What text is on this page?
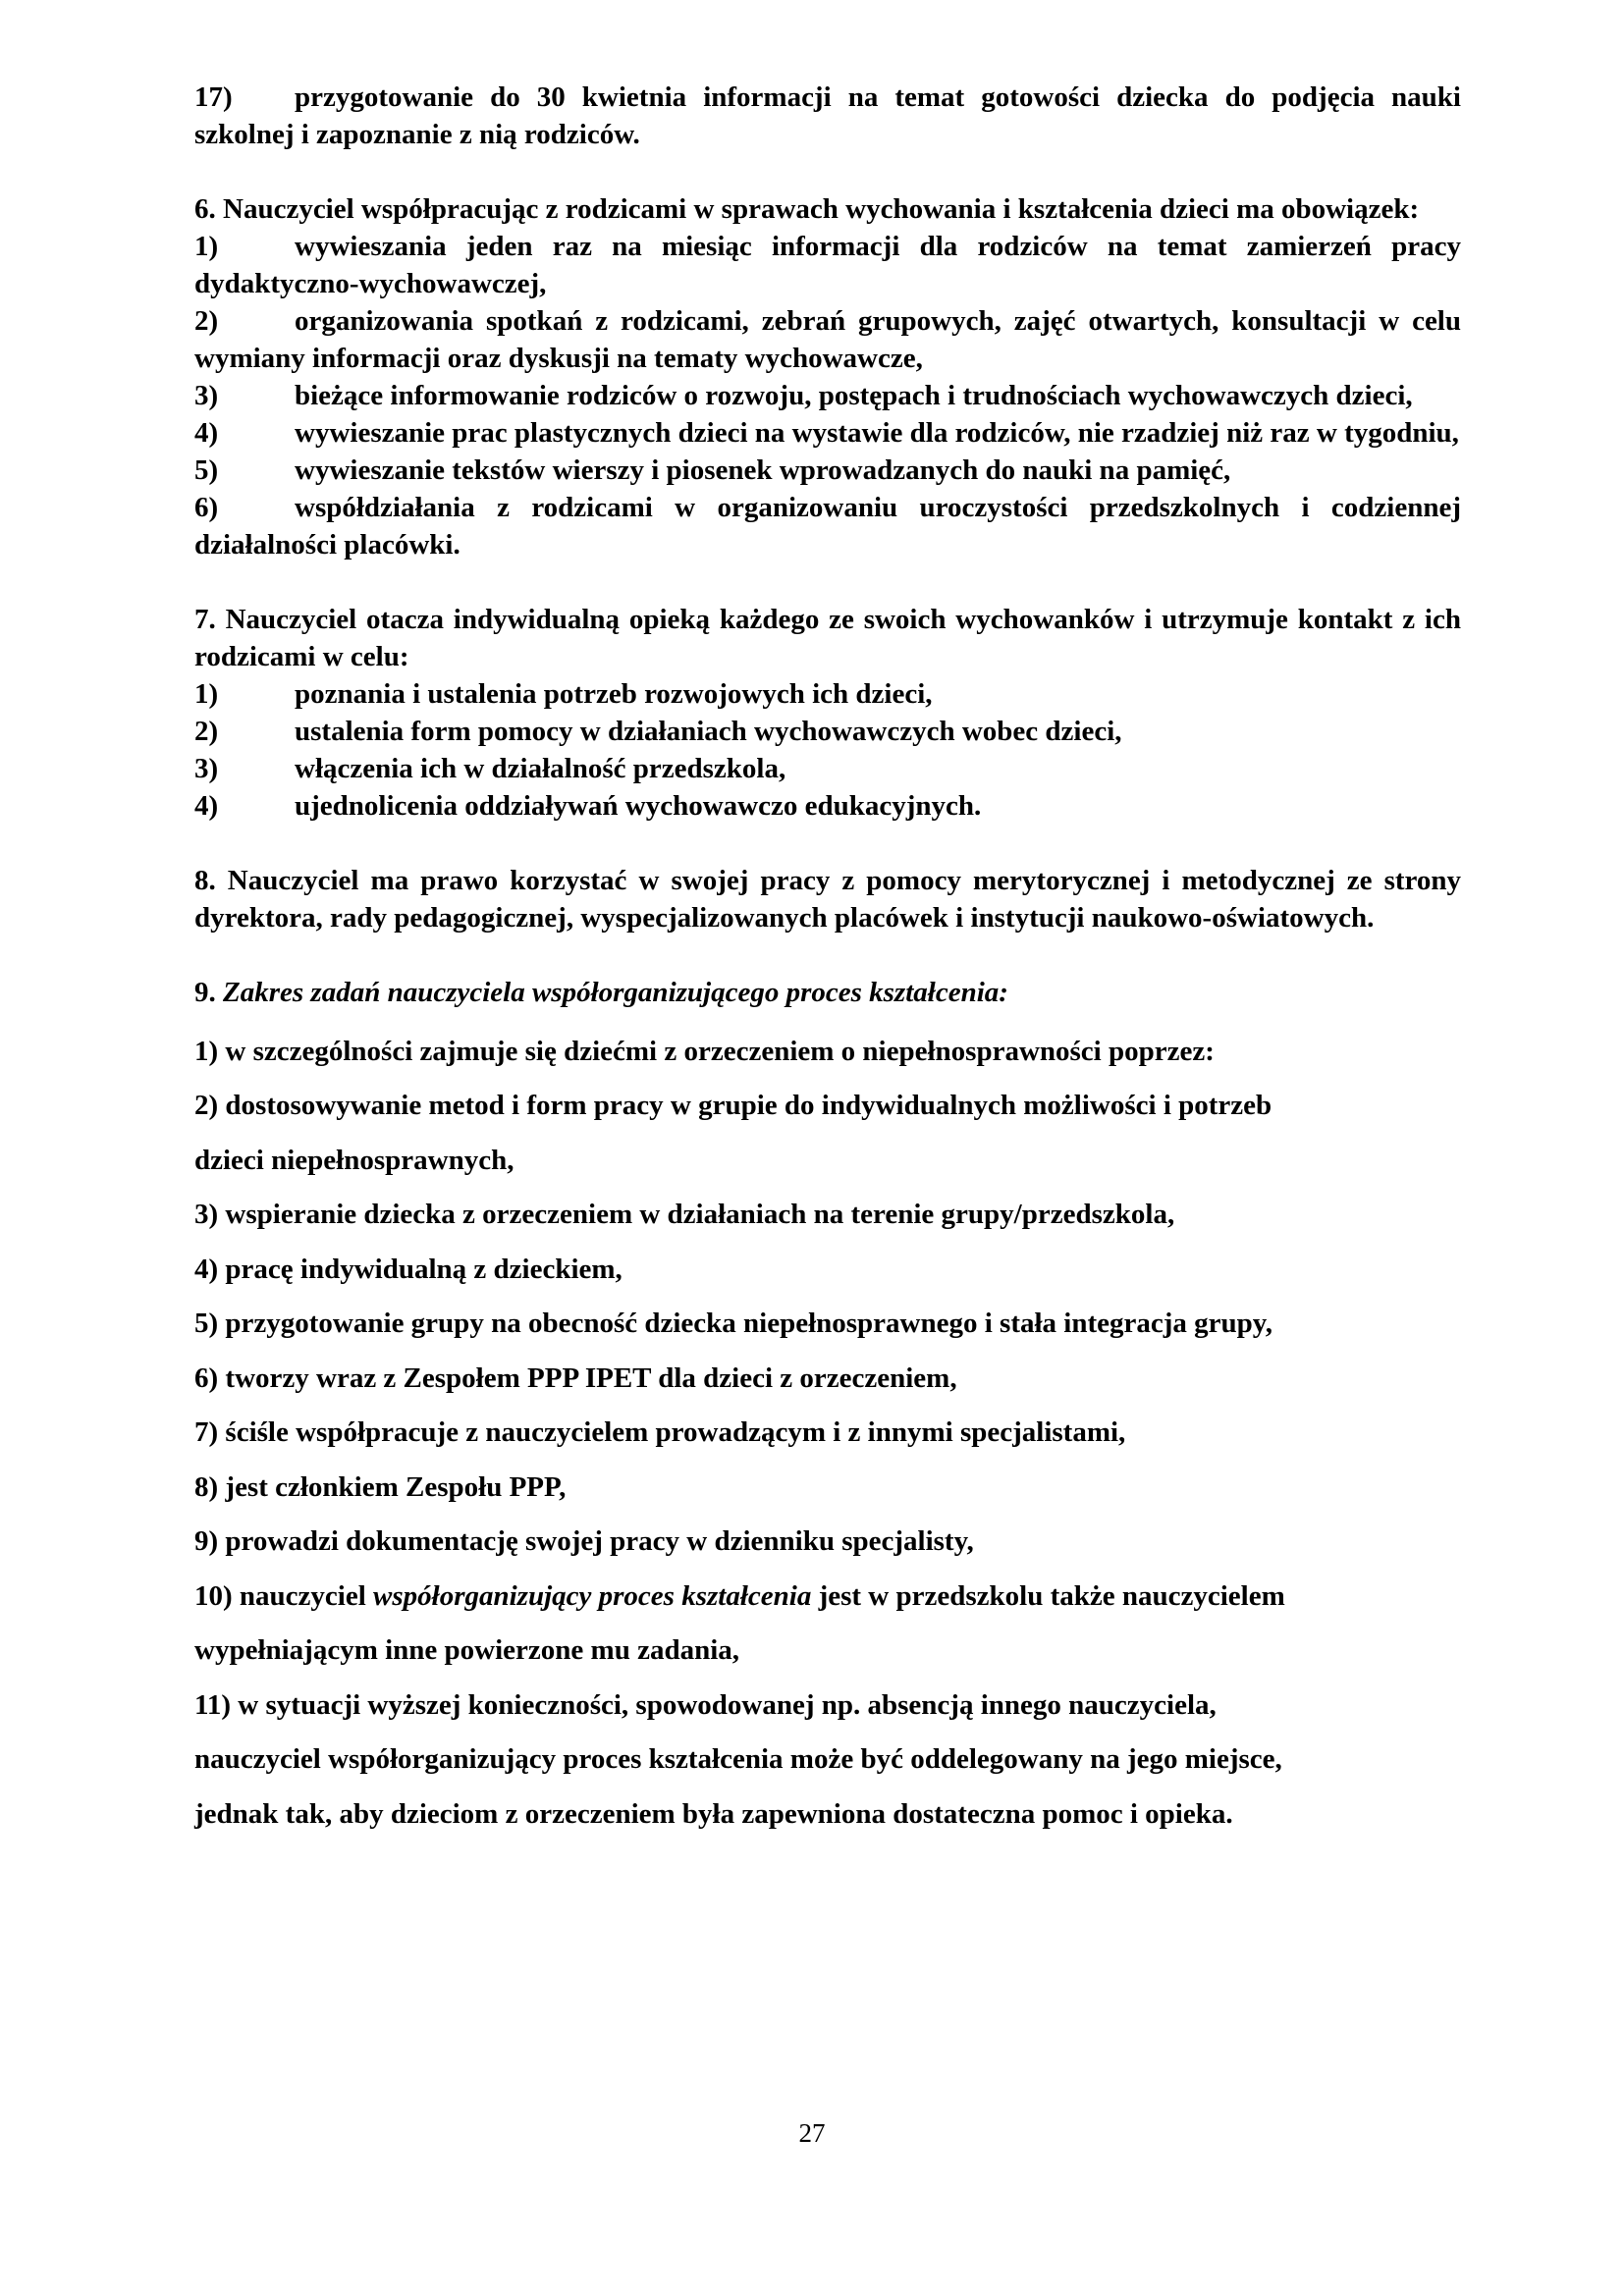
17) przygotowanie do 30 kwietnia informacji na temat gotowości dziecka do podjęcia nauki szkolnej i zapoznanie z nią rodziców.

6. Nauczyciel współpracując z rodzicami w sprawach wychowania i kształcenia dzieci ma obowiązek:

1)	wywieszania jeden raz na miesiąc informacji dla rodziców na temat zamierzeń pracy dydaktyczno-wychowawczej,

2)	organizowania spotkań z rodzicami, zebrań grupowych, zajęć otwartych, konsultacji w celu wymiany informacji oraz dyskusji na tematy wychowawcze,

3)	bieżące informowanie rodziców o rozwoju, postępach i trudnościach wychowawczych dzieci,

4)	wywieszanie prac plastycznych dzieci na wystawie dla rodziców, nie rzadziej niż raz w tygodniu,

5)	wywieszanie tekstów wierszy i piosenek wprowadzanych do nauki na pamięć,

6)	współdziałania z rodzicami w organizowaniu uroczystości przedszkolnych i codziennej działalności placówki.

7. Nauczyciel otacza indywidualną opieką każdego ze swoich wychowanków i utrzymuje kontakt z ich rodzicami w celu:

1)	poznania i ustalenia potrzeb rozwojowych ich dzieci,

2)	ustalenia form pomocy w działaniach wychowawczych wobec dzieci,

3)	włączenia ich w działalność przedszkola,

4)	ujednolicenia oddziaływań wychowawczo edukacyjnych.

8. Nauczyciel ma prawo korzystać w swojej pracy z pomocy merytorycznej i metodycznej ze strony dyrektora, rady pedagogicznej, wyspecjalizowanych placówek i instytucji naukowo-oświatowych.

9. Zakres zadań nauczyciela współorganizującego proces kształcenia:

1) w szczególności zajmuje się dziećmi z orzeczeniem o niepełnosprawności poprzez:

2) dostosowywanie metod i form pracy w grupie do indywidualnych możliwości i potrzeb

dzieci niepełnosprawnych,

3) wspieranie dziecka z orzeczeniem w działaniach na terenie grupy/przedszkola,

4) pracę indywidualną z dzieckiem,

5) przygotowanie grupy na obecność dziecka niepełnosprawnego i stała integracja grupy,

6) tworzy wraz z Zespołem PPP IPET dla dzieci z orzeczeniem,

7) ściśle współpracuje z nauczycielem prowadzącym i z innymi specjalistami,

8) jest członkiem Zespołu PPP,

9) prowadzi dokumentację swojej pracy w dzienniku specjalisty,

10) nauczyciel współorganizujący proces kształcenia jest w przedszkolu także nauczycielem

wypełniającym inne powierzone mu zadania,

11) w sytuacji wyższej konieczności, spowodowanej np. absencją innego nauczyciela,

nauczyciel współorganizujący proces kształcenia może być oddelegowany na jego miejsce,

jednak tak, aby dzieciom z orzeczeniem była zapewniona dostateczna pomoc i opieka.

27
